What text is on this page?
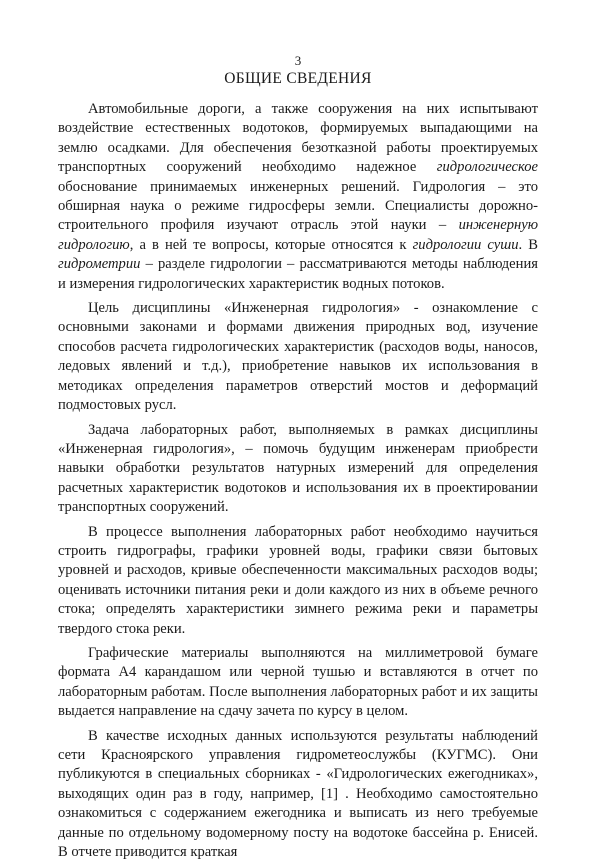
3
ОБЩИЕ СВЕДЕНИЯ

Автомобильные дороги, а также сооружения на них испытывают воздействие естественных водотоков, формируемых выпадающими на землю осадками. Для обеспечения безотказной работы проектируемых транспортных сооружений необходимо надежное гидрологическое обоснование принимаемых инженерных решений. Гидрология – это обширная наука о режиме гидросферы земли. Специалисты дорожно-строительного профиля изучают отрасль этой науки – инженерную гидрологию, а в ней те вопросы, которые относятся к гидрологии суши. В гидрометрии – разделе гидрологии – рассматриваются методы наблюдения и измерения гидрологических характеристик водных потоков.

Цель дисциплины «Инженерная гидрология» - ознакомление с основными законами и формами движения природных вод, изучение способов расчета гидрологических характеристик (расходов воды, наносов, ледовых явлений и т.д.), приобретение навыков их использования в методиках определения параметров отверстий мостов и деформаций подмостовых русл.

Задача лабораторных работ, выполняемых в рамках дисциплины «Инженерная гидрология», – помочь будущим инженерам приобрести навыки обработки результатов натурных измерений для определения расчетных характеристик водотоков и использования их в проектировании транспортных сооружений.

В процессе выполнения лабораторных работ необходимо научиться строить гидрографы, графики уровней воды, графики связи бытовых уровней и расходов, кривые обеспеченности максимальных расходов воды; оценивать источники питания реки и доли каждого из них в объеме речного стока; определять характеристики зимнего режима реки и параметры твердого стока реки.

Графические материалы выполняются на миллиметровой бумаге формата А4 карандашом или черной тушью и вставляются в отчет по лабораторным работам. После выполнения лабораторных работ и их защиты выдается направление на сдачу зачета по курсу в целом.

В качестве исходных данных используются результаты наблюдений сети Красноярского управления гидрометеослужбы (КУГМС). Они публикуются в специальных сборниках - «Гидрологических ежегодниках», выходящих один раз в году, например, [1] . Необходимо самостоятельно ознакомиться с содержанием ежегодника и выписать из него требуемые данные по отдельному водомерному посту на водотоке бассейна р. Енисей. В отчете приводится краткая
